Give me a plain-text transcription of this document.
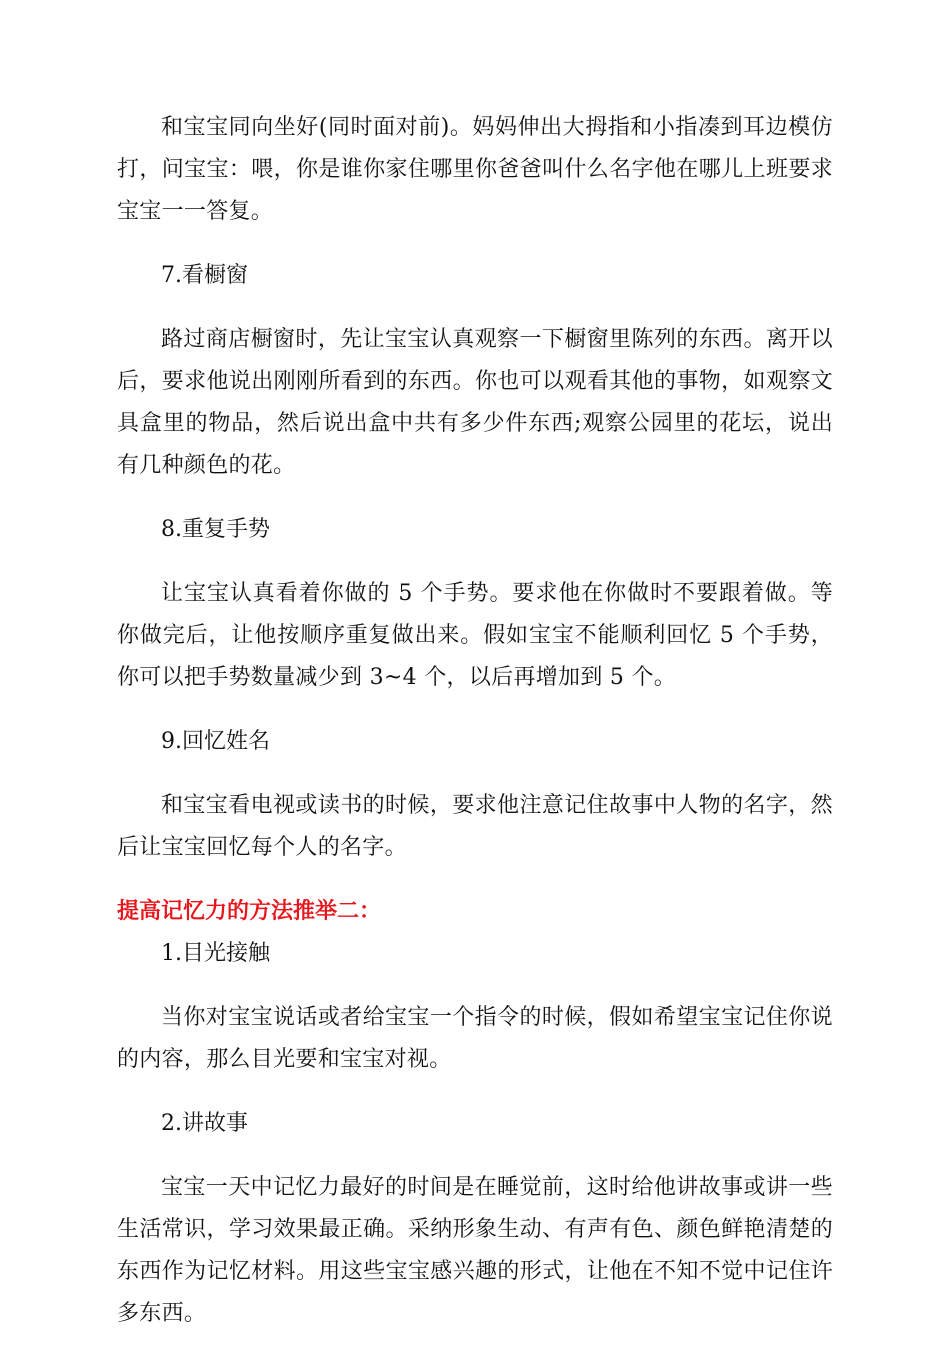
和宝宝同向坐好(同时面对前)。妈妈伸出大拇指和小指凑到耳边模仿打，问宝宝：喂，你是谁你家住哪里你爸爸叫什么名字他在哪儿上班要求宝宝一一答复。

7.看橱窗

路过商店橱窗时，先让宝宝认真观察一下橱窗里陈列的东西。离开以后，要求他说出刚刚所看到的东西。你也可以观看其他的事物，如观察文具盒里的物品，然后说出盒中共有多少件东西;观察公园里的花坛，说出有几种颜色的花。

8.重复手势

让宝宝认真看着你做的 5 个手势。要求他在你做时不要跟着做。等你做完后，让他按顺序重复做出来。假如宝宝不能顺利回忆 5 个手势，你可以把手势数量减少到 3~4 个，以后再增加到 5 个。

9.回忆姓名

和宝宝看电视或读书的时候，要求他注意记住故事中人物的名字，然后让宝宝回忆每个人的名字。

提高记忆力的方法推举二：
1.目光接触

当你对宝宝说话或者给宝宝一个指令的时候，假如希望宝宝记住你说的内容，那么目光要和宝宝对视。

2.讲故事

宝宝一天中记忆力最好的时间是在睡觉前，这时给他讲故事或讲一些生活常识，学习效果最正确。采纳形象生动、有声有色、颜色鲜艳清楚的东西作为记忆材料。用这些宝宝感兴趣的形式，让他在不知不觉中记住许多东西。
